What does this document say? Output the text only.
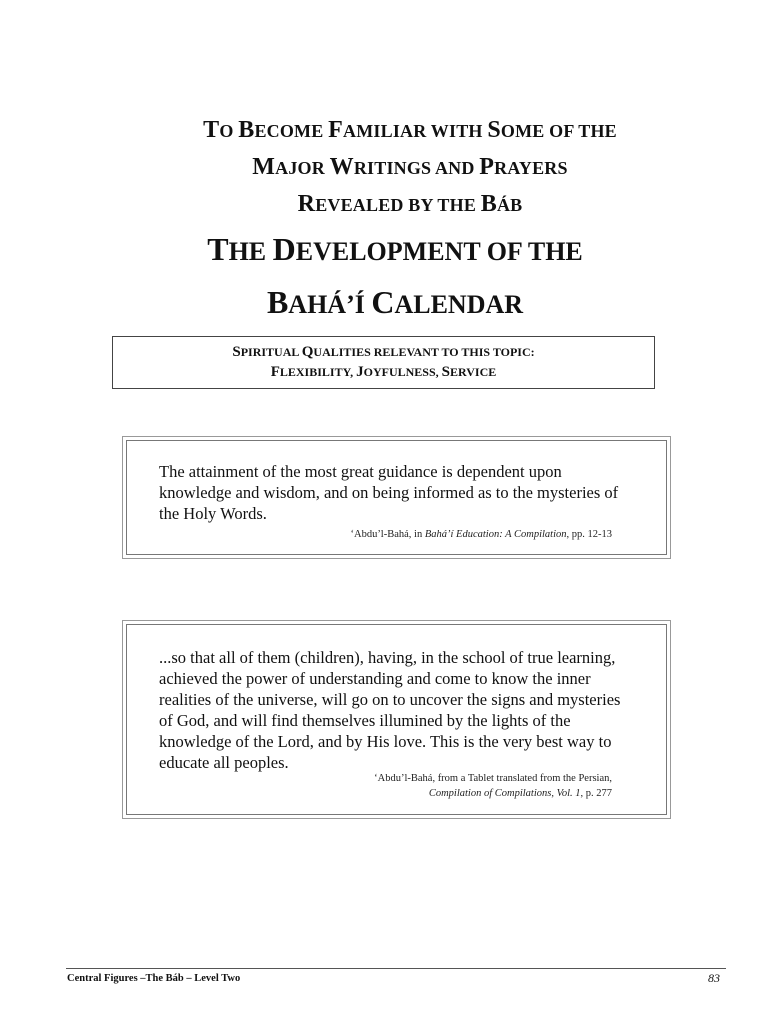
TO BECOME FAMILIAR WITH SOME OF THE
MAJOR WRITINGS AND PRAYERS
REVEALED BY THE BÁB
THE DEVELOPMENT OF THE
BAHÁ’Í CALENDAR
SPIRITUAL QUALITIES RELEVANT TO THIS TOPIC:
FLEXIBILITY, JOYFULNESS, SERVICE
The attainment of the most great guidance is dependent upon knowledge and wisdom, and on being informed as to the mysteries of the Holy Words.
‘Abdu’l-Bahá, in Bahá’í Education: A Compilation, pp. 12-13
...so that all of them (children), having, in the school of true learning, achieved the power of understanding and come to know the inner realities of the universe, will go on to uncover the signs and mysteries of God, and will find themselves illumined by the lights of the knowledge of the Lord, and by His love. This is the very best way to educate all peoples.
‘Abdu’l-Bahá, from a Tablet translated from the Persian,
Compilation of Compilations, Vol. 1, p. 277
Central Figures –The Báb – Level Two	83
